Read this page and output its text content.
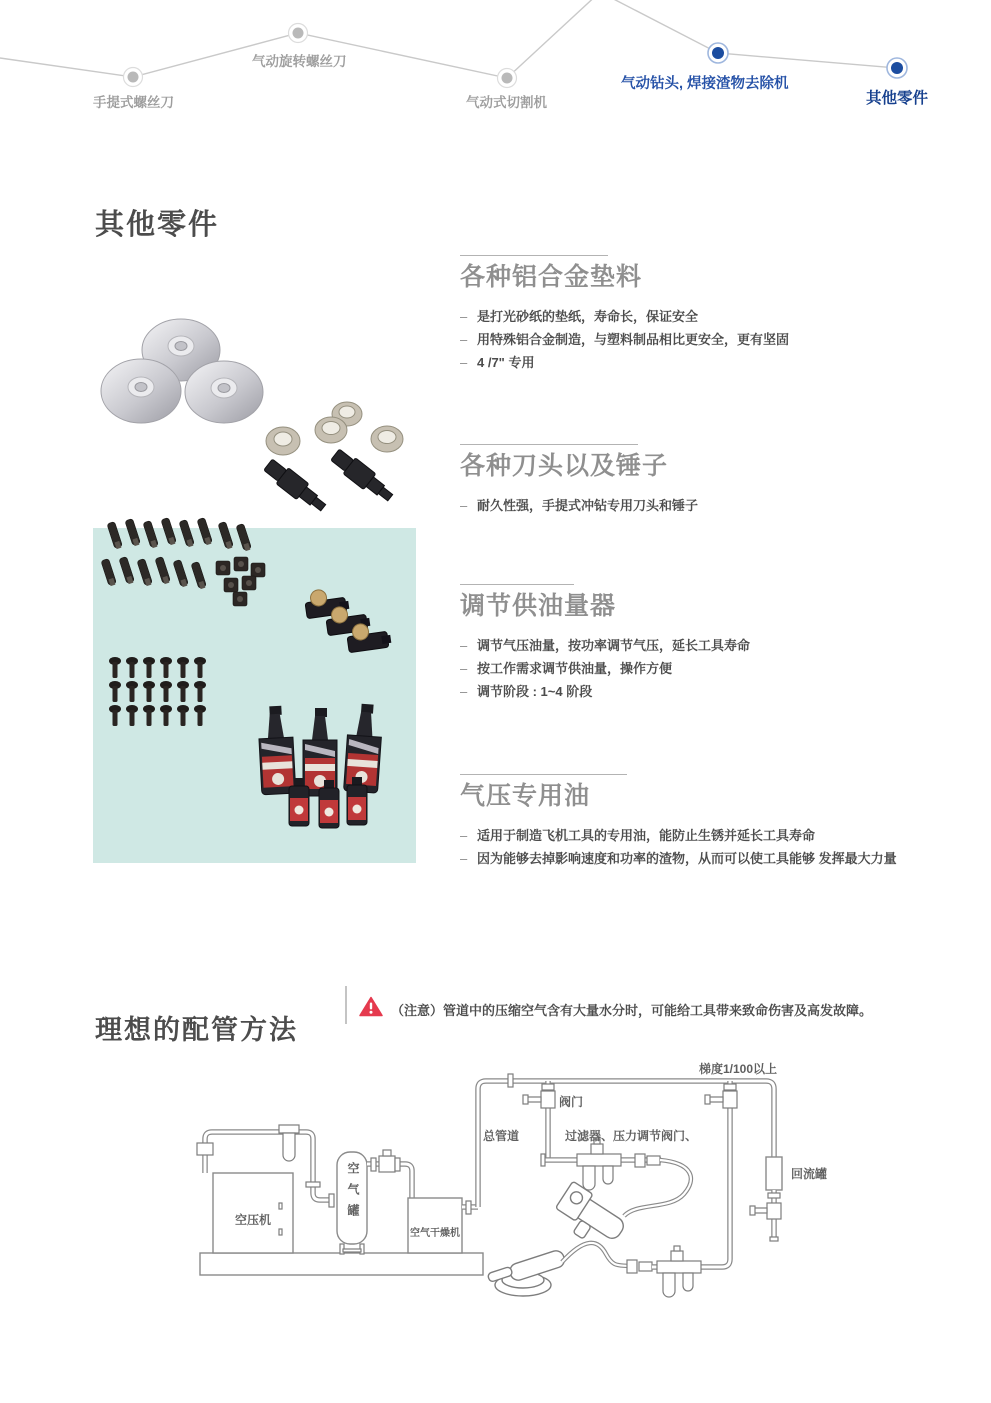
手提式螺丝刀
气动旋转螺丝刀
气动式切割机
气动钻头, 焊接渣物去除机
其他零件
其他零件
各种铝合金垫料
– 是打光砂纸的垫纸，寿命长，保证安全
– 用特殊铝合金制造，与塑料制品相比更安全，更有坚固
– 4 /7" 专用
各种刀头以及锤子
– 耐久性强，手提式冲钻专用刀头和锤子
调节供油量器
– 调节气压油量，按功率调节气压，延长工具寿命
– 按工作需求调节供油量，操作方便
– 调节阶段 : 1~4 阶段
气压专用油
– 适用于制造飞机工具的专用油，能防止生锈并延长工具寿命
– 因为能够去掉影响速度和功率的渣物，从而可以使工具能够 发挥最大力量
理想的配管方法
（注意）管道中的压缩空气含有大量水分时，可能给工具带来致命伤害及高发故障。
空压机	空气罐
空气干燥机
总管道
阀门
过滤器、压力调节阀门、
梯度1/100以上
回流罐
